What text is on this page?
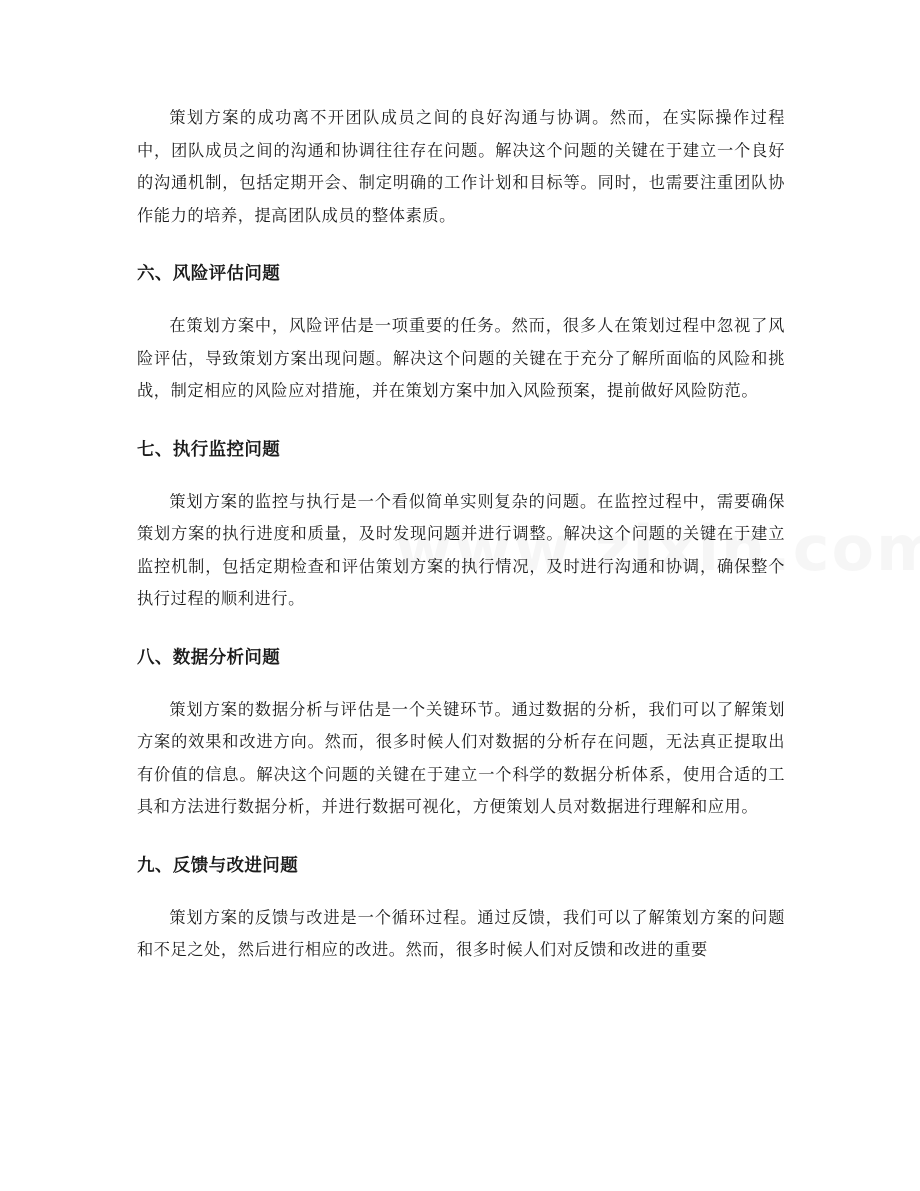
策划方案的成功离不开团队成员之间的良好沟通与协调。然而，在实际操作过程中，团队成员之间的沟通和协调往往存在问题。解决这个问题的关键在于建立一个良好的沟通机制，包括定期开会、制定明确的工作计划和目标等。同时，也需要注重团队协作能力的培养，提高团队成员的整体素质。

六、风险评估问题

在策划方案中，风险评估是一项重要的任务。然而，很多人在策划过程中忽视了风险评估，导致策划方案出现问题。解决这个问题的关键在于充分了解所面临的风险和挑战，制定相应的风险应对措施，并在策划方案中加入风险预案，提前做好风险防范。

七、执行监控问题

策划方案的监控与执行是一个看似简单实则复杂的问题。在监控过程中，需要确保策划方案的执行进度和质量，及时发现问题并进行调整。解决这个问题的关键在于建立监控机制，包括定期检查和评估策划方案的执行情况，及时进行沟通和协调，确保整个执行过程的顺利进行。

八、数据分析问题

策划方案的数据分析与评估是一个关键环节。通过数据的分析，我们可以了解策划方案的效果和改进方向。然而，很多时候人们对数据的分析存在问题，无法真正提取出有价值的信息。解决这个问题的关键在于建立一个科学的数据分析体系，使用合适的工具和方法进行数据分析，并进行数据可视化，方便策划人员对数据进行理解和应用。

九、反馈与改进问题

策划方案的反馈与改进是一个循环过程。通过反馈，我们可以了解策划方案的问题和不足之处，然后进行相应的改进。然而，很多时候人们对反馈和改进的重要
